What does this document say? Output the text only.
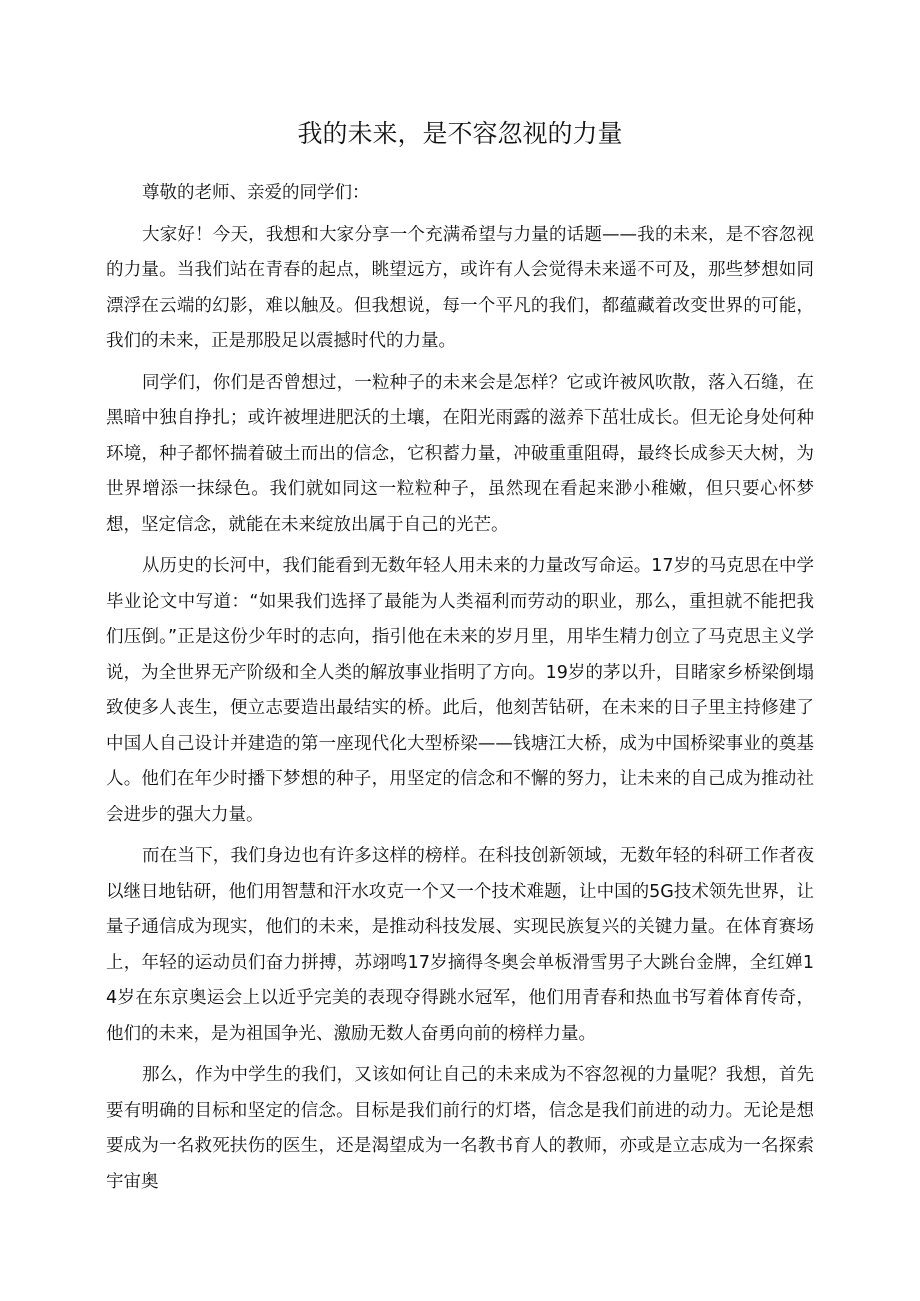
我的未来，是不容忽视的力量

尊敬的老师、亲爱的同学们：

大家好！今天，我想和大家分享一个充满希望与力量的话题——我的未来，是不容忽视的力量。当我们站在青春的起点，眺望远方，或许有人会觉得未来遥不可及，那些梦想如同漂浮在云端的幻影，难以触及。但我想说，每一个平凡的我们，都蕴藏着改变世界的可能，我们的未来，正是那股足以震撼时代的力量。

同学们，你们是否曾想过，一粒种子的未来会是怎样？它或许被风吹散，落入石缝，在黑暗中独自挣扎；或许被埋进肥沃的土壤，在阳光雨露的滋养下茁壮成长。但无论身处何种环境，种子都怀揣着破土而出的信念，它积蓄力量，冲破重重阻碍，最终长成参天大树，为世界增添一抹绿色。我们就如同这一粒粒种子，虽然现在看起来渺小稚嫩，但只要心怀梦想，坚定信念，就能在未来绽放出属于自己的光芒。

从历史的长河中，我们能看到无数年轻人用未来的力量改写命运。17岁的马克思在中学毕业论文中写道：“如果我们选择了最能为人类福利而劳动的职业，那么，重担就不能把我们压倒。”正是这份少年时的志向，指引他在未来的岁月里，用毕生精力创立了马克思主义学说，为全世界无产阶级和全人类的解放事业指明了方向。19岁的茅以升，目睹家乡桥梁倒塌致使多人丧生，便立志要造出最结实的桥。此后，他刻苦钻研，在未来的日子里主持修建了中国人自己设计并建造的第一座现代化大型桥梁——钱塘江大桥，成为中国桥梁事业的奠基人。他们在年少时播下梦想的种子，用坚定的信念和不懈的努力，让未来的自己成为推动社会进步的强大力量。

而在当下，我们身边也有许多这样的榜样。在科技创新领域，无数年轻的科研工作者夜以继日地钻研，他们用智慧和汗水攻克一个又一个技术难题，让中国的5G技术领先世界，让量子通信成为现实，他们的未来，是推动科技发展、实现民族复兴的关键力量。在体育赛场上，年轻的运动员们奋力拼搏，苏翊鸣17岁摘得冬奥会单板滑雪男子大跳台金牌，全红婵14岁在东京奥运会上以近乎完美的表现夺得跳水冠军，他们用青春和热血书写着体育传奇，他们的未来，是为祖国争光、激励无数人奋勇向前的榜样力量。

那么，作为中学生的我们，又该如何让自己的未来成为不容忽视的力量呢？我想，首先要有明确的目标和坚定的信念。目标是我们前行的灯塔，信念是我们前进的动力。无论是想要成为一名救死扶伤的医生，还是渴望成为一名教书育人的教师，亦或是立志成为一名探索宇宙奥
